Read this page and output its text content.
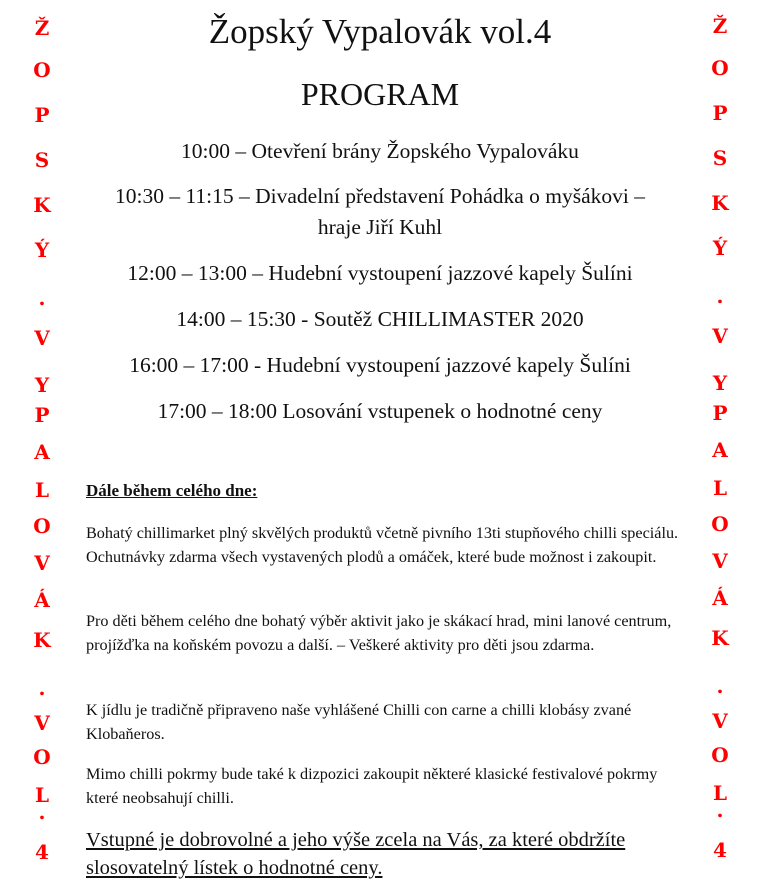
Ž
O
P
S
K
Ý
.
V
Y
P
A
L
O
V
Á
K
.
V
O
L
.
4
Ž
O
P
S
K
Ý
.
V
Y
P
A
L
O
V
Á
K
.
V
O
L
.
4
Žopský Vypalovák vol.4
PROGRAM
10:00 – Otevření brány Žopského Vypalováku
10:30 – 11:15 – Divadelní představení Pohádka o myšákovi –
hraje Jiří Kuhl
12:00 – 13:00 – Hudební vystoupení jazzové kapely Šulíni
14:00 – 15:30 - Soutěž CHILLIMASTER 2020
16:00 – 17:00 - Hudební vystoupení jazzové kapely Šulíni
17:00 – 18:00 Losování vstupenek o hodnotné ceny
Dále během celého dne:
Bohatý chillimarket plný skvělých produktů včetně pivního 13ti stupňového chilli speciálu. Ochutnávky zdarma všech vystavených plodů a omáček, které bude možnost i zakoupit.
Pro děti během celého dne bohatý výběr aktivit jako je skákací hrad, mini lanové centrum, projížďka na koňském povozu a další. – Veškeré aktivity pro děti jsou zdarma.
K jídlu je tradičně připraveno naše vyhlášené Chilli con carne a chilli klobásy zvané Klobaňeros.
Mimo chilli pokrmy bude také k dizpozici zakoupit některé klasické festivalové pokrmy které neobsahují chilli.
Vstupné je dobrovolné a jeho výše zcela na Vás, za které obdržíte slosovatelný lístek o hodnotné ceny.
